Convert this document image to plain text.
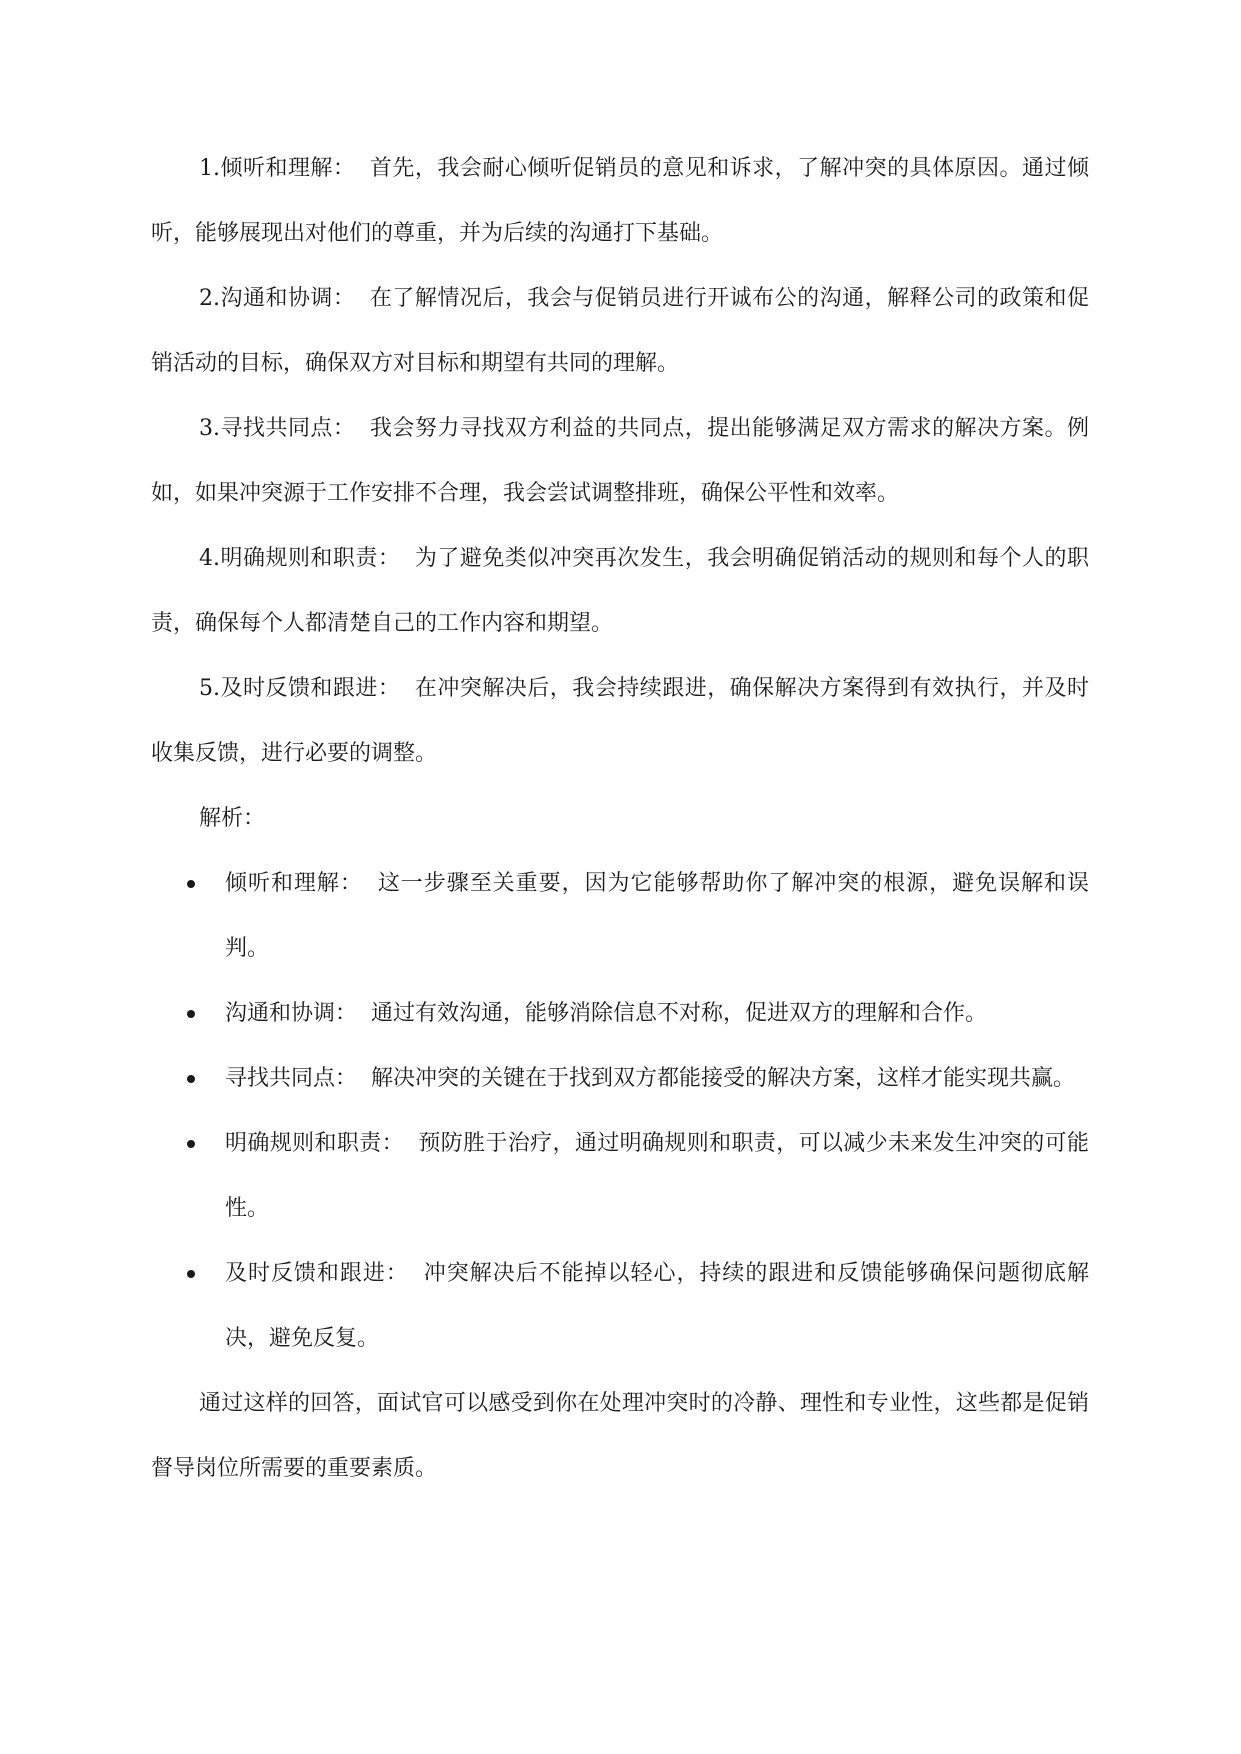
1.倾听和理解： 首先，我会耐心倾听促销员的意见和诉求，了解冲突的具体原因。通过倾听，能够展现出对他们的尊重，并为后续的沟通打下基础。

2.沟通和协调： 在了解情况后，我会与促销员进行开诚布公的沟通，解释公司的政策和促销活动的目标，确保双方对目标和期望有共同的理解。

3.寻找共同点： 我会努力寻找双方利益的共同点，提出能够满足双方需求的解决方案。例如，如果冲突源于工作安排不合理，我会尝试调整排班，确保公平性和效率。

4.明确规则和职责： 为了避免类似冲突再次发生，我会明确促销活动的规则和每个人的职责，确保每个人都清楚自己的工作内容和期望。

5.及时反馈和跟进： 在冲突解决后，我会持续跟进，确保解决方案得到有效执行，并及时收集反馈，进行必要的调整。

解析：

倾听和理解： 这一步骤至关重要，因为它能够帮助你了解冲突的根源，避免误解和误判。
沟通和协调： 通过有效沟通，能够消除信息不对称，促进双方的理解和合作。
寻找共同点： 解决冲突的关键在于找到双方都能接受的解决方案，这样才能实现共赢。
明确规则和职责： 预防胜于治疗，通过明确规则和职责，可以减少未来发生冲突的可能性。
及时反馈和跟进： 冲突解决后不能掉以轻心，持续的跟进和反馈能够确保问题彻底解决，避免反复。

通过这样的回答，面试官可以感受到你在处理冲突时的冷静、理性和专业性，这些都是促销督导岗位所需要的重要素质。
